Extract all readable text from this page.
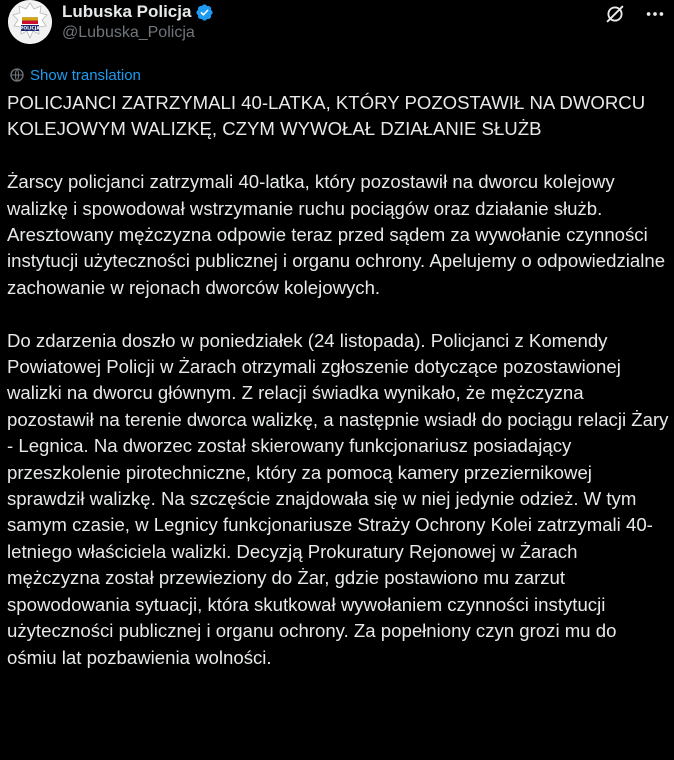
POLICJA
Lubuska Policja
@Lubuska_Policja
Show translation

POLICJANCI ZATRZYMALI 40-LATKA, KTÓRY POZOSTAWIŁ NA DWORCU KOLEJOWYM WALIZKĘ, CZYM WYWOŁAŁ DZIAŁANIE SŁUŻB

Żarscy policjanci zatrzymali 40-latka, który pozostawił na dworcu kolejowy walizkę i spowodował wstrzymanie ruchu pociągów oraz działanie służb. Aresztowany mężczyzna odpowie teraz przed sądem za wywołanie czynności instytucji użyteczności publicznej i organu ochrony. Apelujemy o odpowiedzialne zachowanie w rejonach dworców kolejowych.

Do zdarzenia doszło w poniedziałek (24 listopada). Policjanci z Komendy Powiatowej Policji w Żarach otrzymali zgłoszenie dotyczące pozostawionej walizki na dworcu głównym. Z relacji świadka wynikało, że mężczyzna pozostawił na terenie dworca walizkę, a następnie wsiadł do pociągu relacji Żary - Legnica. Na dworzec został skierowany funkcjonariusz posiadający przeszkolenie pirotechniczne, który za pomocą kamery przeziernikowej sprawdził walizkę. Na szczęście znajdowała się w niej jedynie odzież. W tym samym czasie, w Legnicy funkcjonariusze Straży Ochrony Kolei zatrzymali 40-letniego właściciela walizki. Decyzją Prokuratury Rejonowej w Żarach mężczyzna został przewieziony do Żar, gdzie postawiono mu zarzut spowodowania sytuacji, która skutkował wywołaniem czynności instytucji użyteczności publicznej i organu ochrony. Za popełniony czyn grozi mu do ośmiu lat pozbawienia wolności.
